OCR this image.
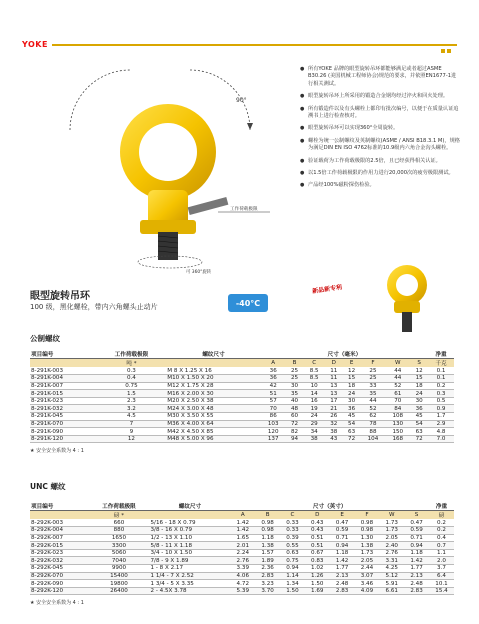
YOKE
90°
工作荷载极限
可 360°旋转
● 所有YOKE 品牌的眼型旋转吊环都能够满足或者超过ASME B30.26 (美国机械工程师协会)规范的要求，并依照EN1677-1进行相关测试。
● 眼型旋转吊环上所采用的锻造合金钢均经过淬火和回火处理。
● 所有锻造件以及有头螺栓上都印有批次编号，以便于在质量认证追溯书上进行检查核对。
● 眼型旋转吊环可以实现360°全周旋转。
● 螺栓为统一公制螺纹及英制螺纹(ASME / ANSI B18.3.1 M)，规格为满足DIN EN ISO 4762标准的10.9级内六角合金沟头螺栓。
● 验证载荷为工作荷载极限的2.5倍，且已经获得相关认证。
● 以1.5倍工作荷载极限的作用力进行20,000次的疲劳极限测试。
● 产品经100%磁粉探伤检验。
新品新专利
-40°C
眼型旋转吊环
100 级，黑化螺栓，带内六角螺头止动片
公制螺纹
项目编号	工作荷载极限	螺纹尺寸	尺寸（毫米）								净重
	吨 *		A	B	C	D	E	F	W	S	千克
8-291K-003	0.3	M 8 X 1.25 X 16	36	25	8.5	11	12	25	44	12	0.1
8-291K-004	0.4	M10 X 1.50 X 20	36	25	8.5	11	15	25	44	15	0.1
8-291K-007	0.75	M12 X 1.75 X 28	42	30	10	13	18	33	52	18	0.2
8-291K-015	1.5	M16 X 2.00 X 30	51	35	14	13	24	35	61	24	0.3
8-291K-023	2.3	M20 X 2.50 X 38	57	40	16	17	30	44	70	30	0.5
8-291K-032	3.2	M24 X 3.00 X 48	70	48	19	21	36	52	84	36	0.9
8-291K-045	4.5	M30 X 3.50 X 55	86	60	24	26	45	62	108	45	1.7
8-291K-070	7	M36 X 4.00 X 64	103	72	29	32	54	78	130	54	2.9
8-291K-090	9	M42 X 4.50 X 85	120	82	34	38	63	88	150	63	4.8
8-291K-120	12	M48 X 5.00 X 96	137	94	38	43	72	104	168	72	7.0
★ 安全安全系数为 4 : 1
UNC 螺纹
项目编号	工作荷载极限	螺纹尺寸	尺寸（英寸）								净重
	磅 *		A	B	C	D	E	F	W	S	磅
8-292K-003	660	5/16 - 18 X 0.79	1.42	0.98	0.33	0.43	0.47	0.98	1.73	0.47	0.2
8-292K-004	880	3/8 - 16 X 0.79	1.42	0.98	0.33	0.43	0.59	0.98	1.73	0.59	0.2
8-292K-007	1650	1/2 - 13 X 1.10	1.65	1.18	0.39	0.51	0.71	1.30	2.05	0.71	0.4
8-292K-015	3300	5/8 - 11 X 1.18	2.01	1.38	0.55	0.51	0.94	1.38	2.40	0.94	0.7
8-292K-023	5060	3/4 - 10 X 1.50	2.24	1.57	0.63	0.67	1.18	1.73	2.76	1.18	1.1
8-292K-032	7040	7/8 - 9 X 1.89	2.76	1.89	0.75	0.83	1.42	2.05	3.31	1.42	2.0
8-292K-045	9900	1 - 8 X 2.17	3.39	2.36	0.94	1.02	1.77	2.44	4.25	1.77	3.7
8-292K-070	15400	1 1/4 - 7 X 2.52	4.06	2.83	1.14	1.26	2.13	3.07	5.12	2.13	6.4
8-292K-090	19800	1 3/4 - 5 X 3.35	4.72	3.23	1.34	1.50	2.48	3.46	5.91	2.48	10.1
8-292K-120	26400	2 - 4.5X 3.78	5.39	3.70	1.50	1.69	2.83	4.09	6.61	2.83	15.4
★ 安全安全系数为 4 : 1
